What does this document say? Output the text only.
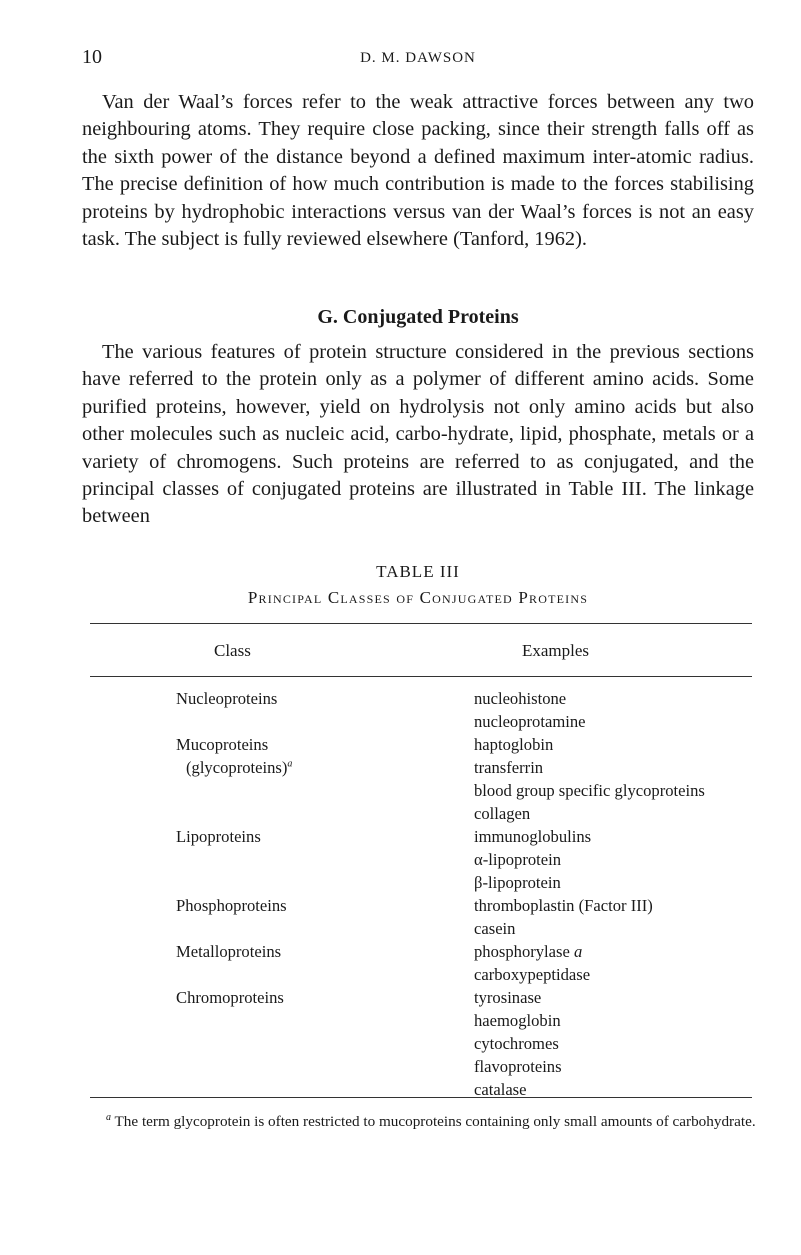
10	D. M. DAWSON

Van der Waal’s forces refer to the weak attractive forces between any two neighbouring atoms. They require close packing, since their strength falls off as the sixth power of the distance beyond a defined maximum inter-atomic radius. The precise definition of how much contribution is made to the forces stabilising proteins by hydrophobic interactions versus van der Waal’s forces is not an easy task. The subject is fully reviewed elsewhere (Tanford, 1962).

G. Conjugated Proteins

The various features of protein structure considered in the previous sections have referred to the protein only as a polymer of different amino acids. Some purified proteins, however, yield on hydrolysis not only amino acids but also other molecules such as nucleic acid, carbo-hydrate, lipid, phosphate, metals or a variety of chromogens. Such proteins are referred to as conjugated, and the principal classes of conjugated proteins are illustrated in Table III. The linkage between

TABLE III
Principal Classes of Conjugated Proteins
Class	Examples
Nucleoproteins
Mucoproteins
(glycoproteins)$^a$
Lipoproteins
Phosphoproteins
Metalloproteins
Chromoproteins
nucleohistone
nucleoprotamine
haptoglobin
transferrin
blood group specific glycoproteins
collagen
immunoglobulins
α-lipoprotein
β-lipoprotein
thromboplastin (Factor III)
casein
phosphorylase a
carboxypeptidase
tyrosinase
haemoglobin
cytochromes
flavoproteins
catalase

$^a$ The term glycoprotein is often restricted to mucoproteins containing only small amounts of carbohydrate.
